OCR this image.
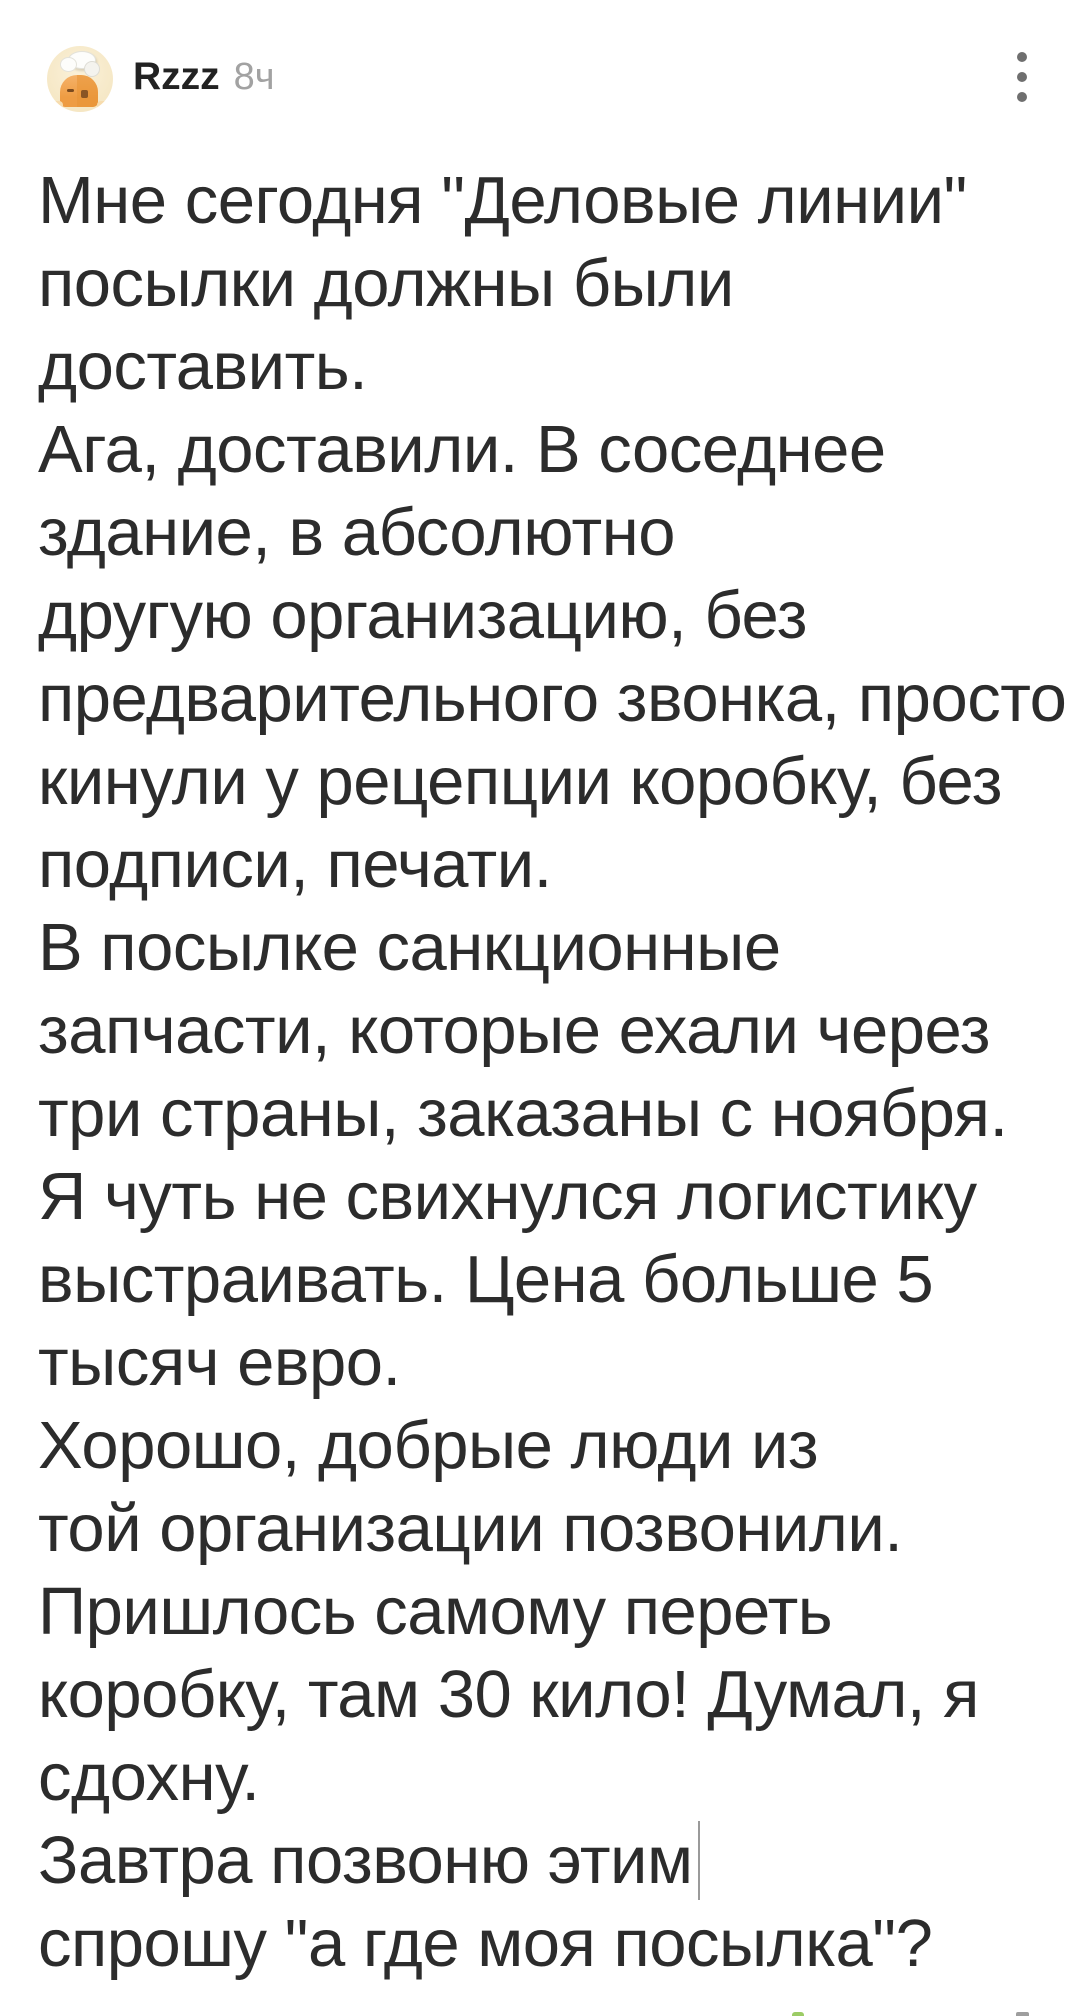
Rzzz 8ч
Мне сегодня "Деловые линии"
посылки должны были
доставить.
Ага, доставили. В соседнее
здание, в абсолютно
другую организацию, без
предварительного звонка, просто
кинули у рецепции коробку, без
подписи, печати.
В посылке санкционные
запчасти, которые ехали через
три страны, заказаны с ноября.
Я чуть не свихнулся логистику
выстраивать. Цена больше 5
тысяч евро.
Хорошо, добрые люди из
той организации позвонили.
Пришлось самому переть
коробку, там 30 кило! Думал, я
сдохну.
Завтра позвоню этим
спрошу "а где моя посылка"?
